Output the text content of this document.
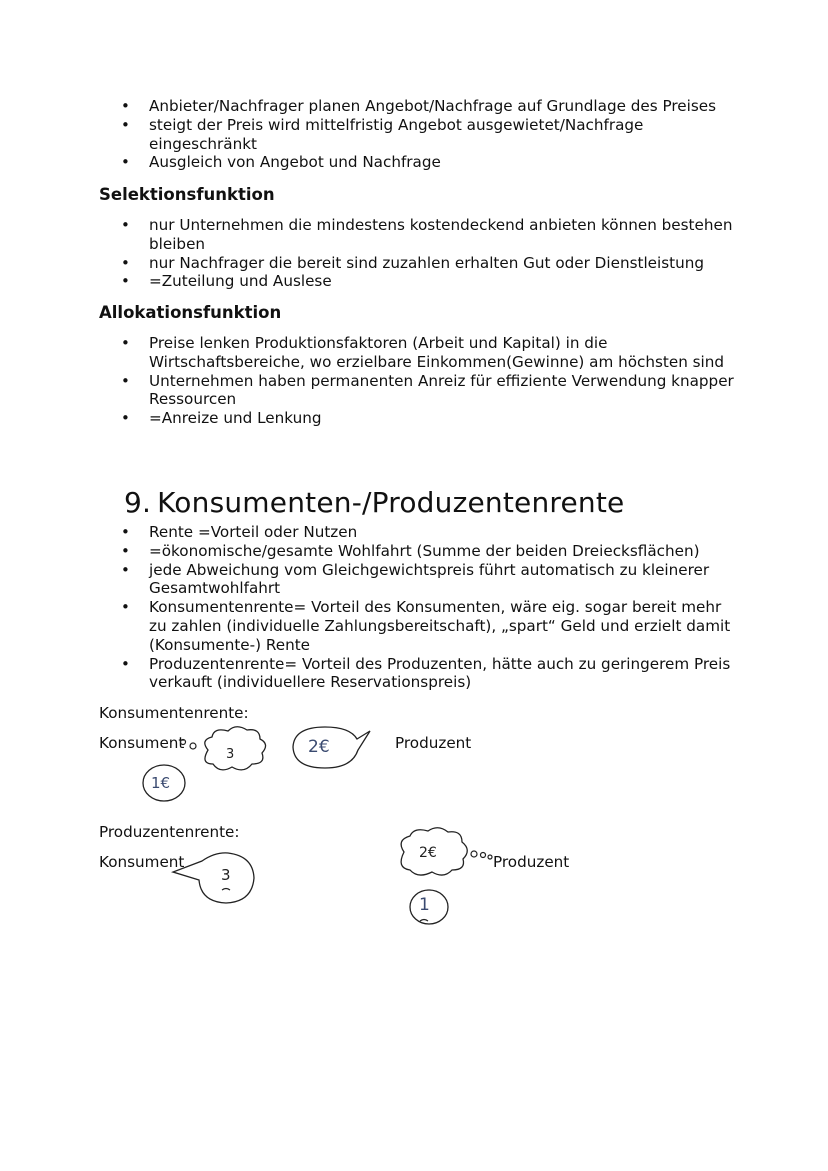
• Anbieter/Nachfrager planen Angebot/Nachfrage auf Grundlage des Preises
• steigt der Preis wird mittelfristig Angebot ausgewietet/Nachfrage eingeschränkt
• Ausgleich von Angebot und Nachfrage
Selektionsfunktion
• nur Unternehmen die mindestens kostendeckend anbieten können bestehen bleiben
• nur Nachfrager die bereit sind zuzahlen erhalten Gut oder Dienstleistung
• =Zuteilung und Auslese
Allokationsfunktion
• Preise lenken Produktionsfaktoren (Arbeit und Kapital) in die Wirtschaftsbereiche, wo erzielbare Einkommen(Gewinne) am höchsten sind
• Unternehmen haben permanenten Anreiz für effiziente Verwendung knapper Ressourcen
• =Anreize und Lenkung
9. Konsumenten-/Produzentenrente
• Rente =Vorteil oder Nutzen
• =ökonomische/gesamte Wohlfahrt (Summe der beiden Dreiecksflächen)
• jede Abweichung vom Gleichgewichtspreis führt automatisch zu kleinerer Gesamtwohlfahrt
• Konsumentenrente= Vorteil des Konsumenten, wäre eig. sogar bereit mehr zu zahlen (individuelle Zahlungsbereitschaft), „spart“ Geld und erzielt damit (Konsumente-) Rente
• Produzentenrente= Vorteil des Produzenten, hätte auch zu geringerem Preis verkauft (individuellere Reservationspreis)
Konsumentenrente:
Konsument	Produzent
Produzentenrente:
Konsument	Produzent
3	2€
1€
3
2€
1
